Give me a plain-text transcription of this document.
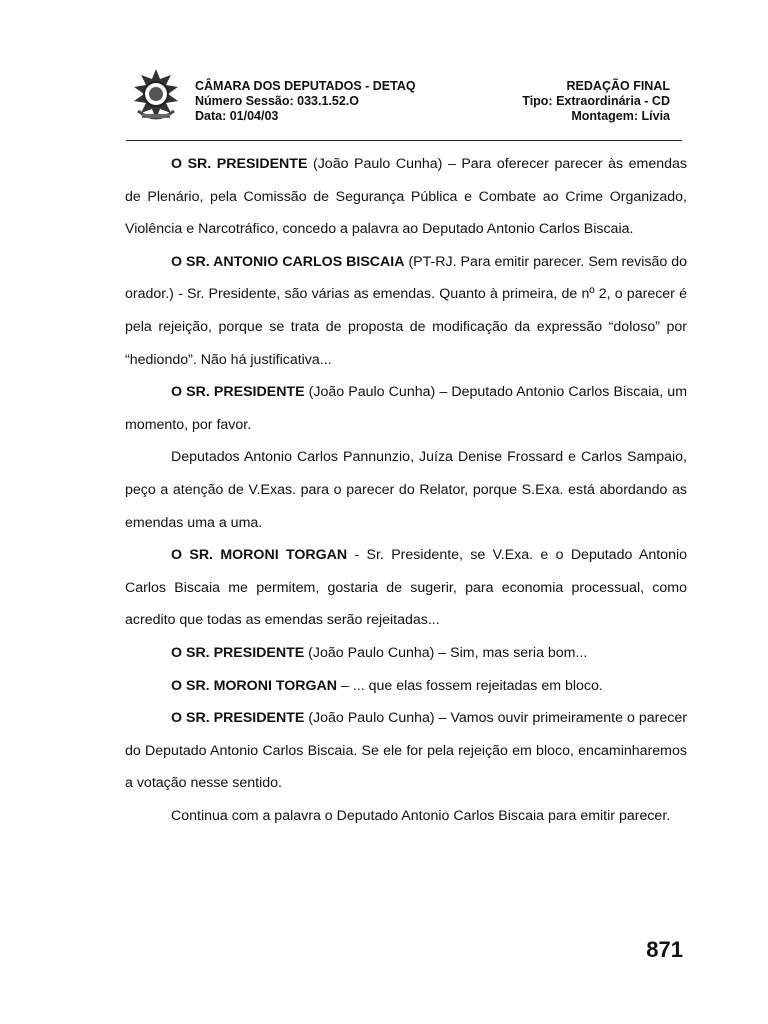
CÂMARA DOS DEPUTADOS - DETAQ
Número Sessão: 033.1.52.O
Data: 01/04/03
REDAÇÃO FINAL
Tipo: Extraordinária - CD
Montagem: Lívia

O SR. PRESIDENTE (João Paulo Cunha) – Para oferecer parecer às emendas de Plenário, pela Comissão de Segurança Pública e Combate ao Crime Organizado, Violência e Narcotráfico, concedo a palavra ao Deputado Antonio Carlos Biscaia.

O SR. ANTONIO CARLOS BISCAIA (PT-RJ. Para emitir parecer. Sem revisão do orador.) - Sr. Presidente, são várias as emendas. Quanto à primeira, de nº 2, o parecer é pela rejeição, porque se trata de proposta de modificação da expressão “doloso” por “hediondo”. Não há justificativa...

O SR. PRESIDENTE (João Paulo Cunha) – Deputado Antonio Carlos Biscaia, um momento, por favor.

Deputados Antonio Carlos Pannunzio, Juíza Denise Frossard e Carlos Sampaio, peço a atenção de V.Exas. para o parecer do Relator, porque S.Exa. está abordando as emendas uma a uma.

O SR. MORONI TORGAN - Sr. Presidente, se V.Exa. e o Deputado Antonio Carlos Biscaia me permitem, gostaria de sugerir, para economia processual, como acredito que todas as emendas serão rejeitadas...

O SR. PRESIDENTE (João Paulo Cunha) – Sim, mas seria bom...

O SR. MORONI TORGAN – ... que elas fossem rejeitadas em bloco.

O SR. PRESIDENTE (João Paulo Cunha) – Vamos ouvir primeiramente o parecer do Deputado Antonio Carlos Biscaia. Se ele for pela rejeição em bloco, encaminharemos a votação nesse sentido.

Continua com a palavra o Deputado Antonio Carlos Biscaia para emitir parecer.

871
